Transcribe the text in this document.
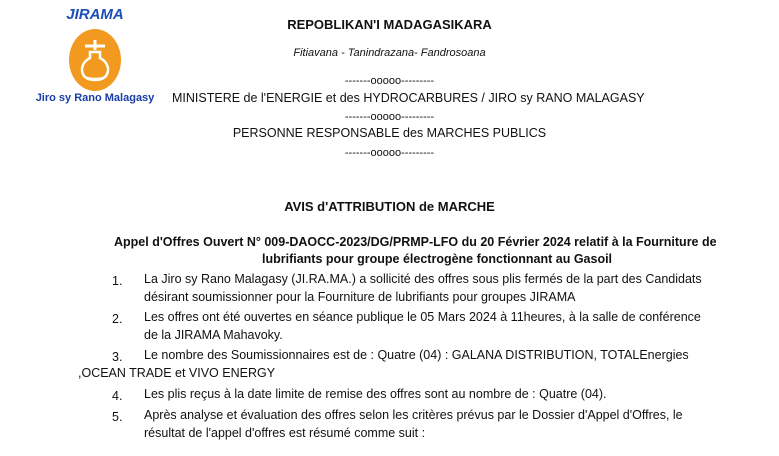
JIRAMA
Jiro sy Rano Malagasy
REPOBLIKAN'I MADAGASIKARA
Fitiavana - Tanindrazana- Fandrosoana
-------ooooo---------
MINISTERE de l'ENERGIE et des HYDROCARBURES / JIRO sy RANO MALAGASY
-------ooooo---------
PERSONNE RESPONSABLE des MARCHES PUBLICS
-------ooooo---------
AVIS d'ATTRIBUTION de MARCHE
Appel d'Offres Ouvert N° 009-DAOCC-2023/DG/PRMP-LFO du 20 Février 2024 relatif à la Fourniture de
lubrifiants pour groupe électrogène fonctionnant au Gasoil
1. La Jiro sy Rano Malagasy (JI.RA.MA.) a sollicité des offres sous plis fermés de la part des Candidats
désirant soumissionner pour la Fourniture de lubrifiants pour groupes JIRAMA
2. Les offres ont été ouvertes en séance publique le 05 Mars 2024 à 11heures, à la salle de conférence
de la JIRAMA Mahavoky.
3. Le nombre des Soumissionnaires est de : Quatre (04) : GALANA DISTRIBUTION, TOTALEnergies
,OCEAN TRADE et VIVO ENERGY
4. Les plis reçus à la date limite de remise des offres sont au nombre de : Quatre (04).
5. Après analyse et évaluation des offres selon les critères prévus par le Dossier d'Appel d'Offres, le
résultat de l'appel d'offres est résumé comme suit :
